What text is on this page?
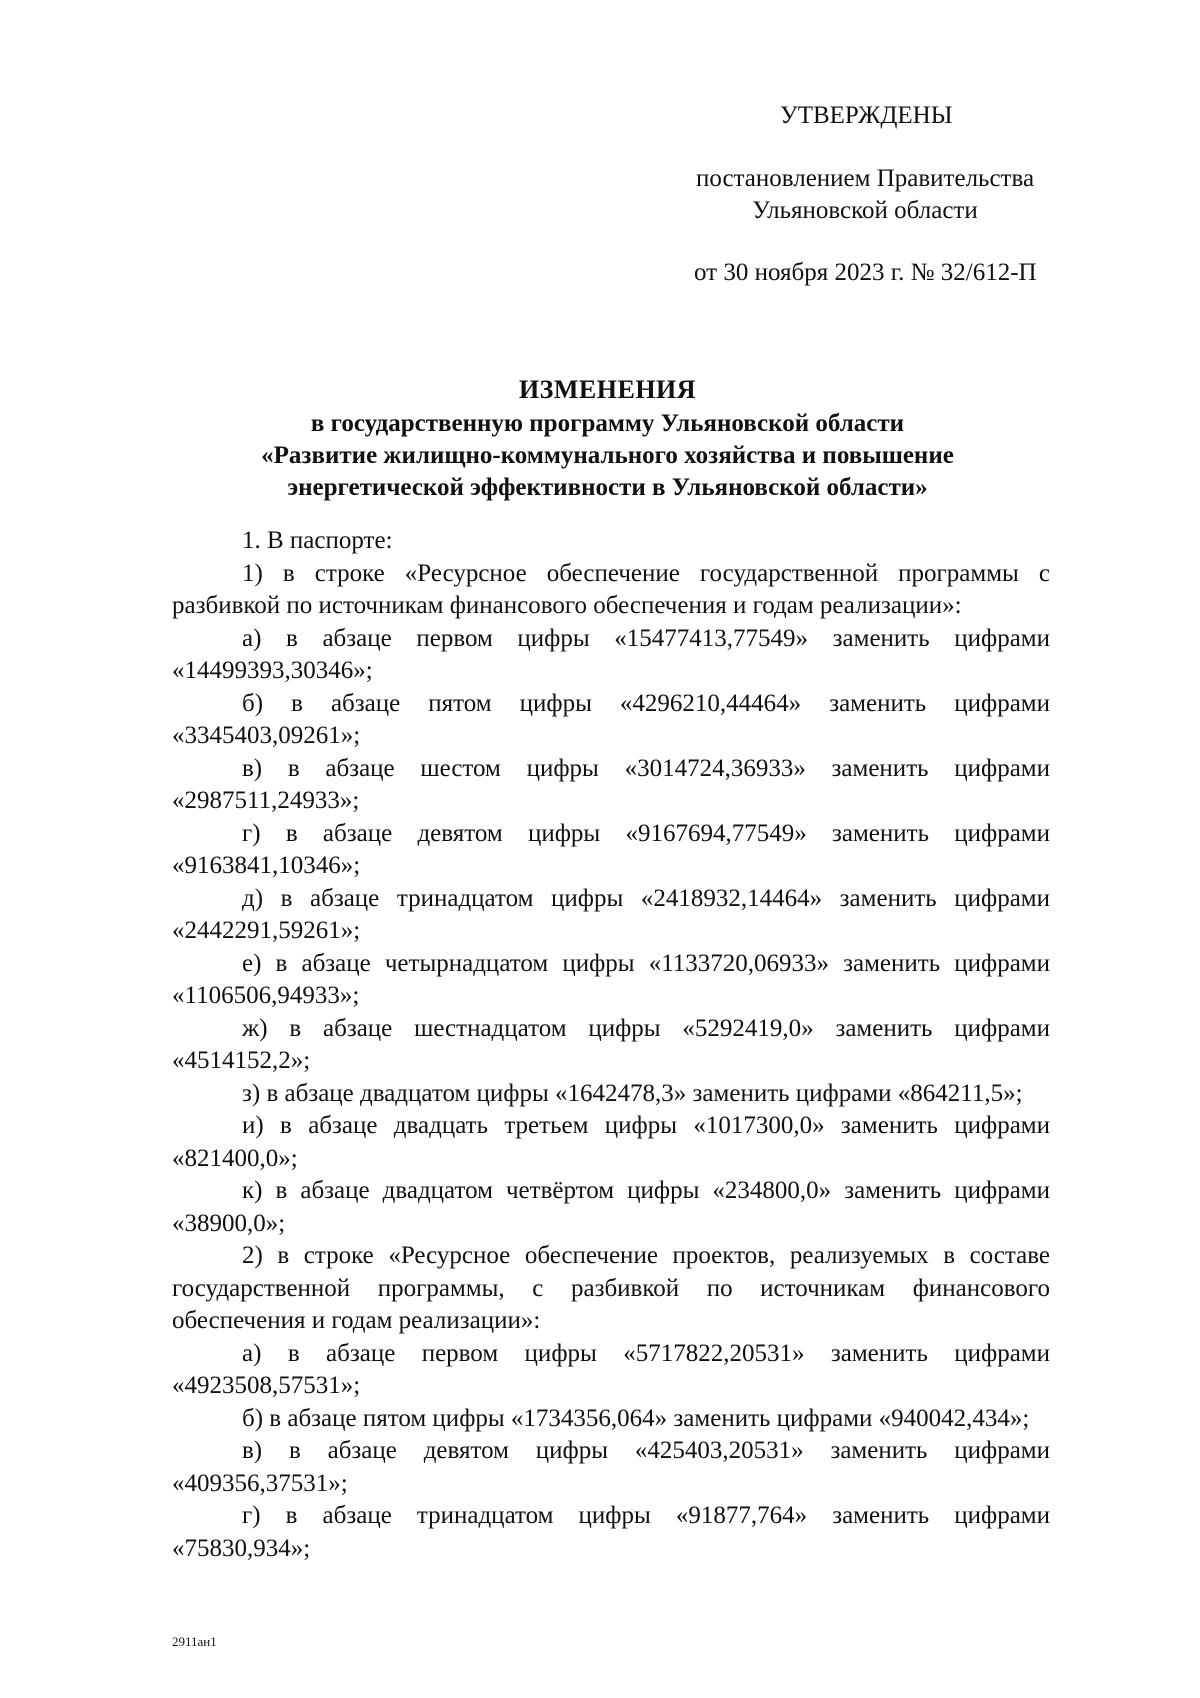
УТВЕРЖДЕНЫ
постановлением Правительства
Ульяновской области
от 30 ноября 2023 г. № 32/612-П
ИЗМЕНЕНИЯ
в государственную программу Ульяновской области
«Развитие жилищно-коммунального хозяйства и повышение
энергетической эффективности в Ульяновской области»

1. В паспорте:

1) в строке «Ресурсное обеспечение государственной программы с разбивкой по источникам финансового обеспечения и годам реализации»:

а) в абзаце первом цифры «15477413,77549» заменить цифрами «14499393,30346»;

б) в абзаце пятом цифры «4296210,44464» заменить цифрами «3345403,09261»;

в) в абзаце шестом цифры «3014724,36933» заменить цифрами «2987511,24933»;

г) в абзаце девятом цифры «9167694,77549» заменить цифрами «9163841,10346»;

д) в абзаце тринадцатом цифры «2418932,14464» заменить цифрами «2442291,59261»;

е) в абзаце четырнадцатом цифры «1133720,06933» заменить цифрами «1106506,94933»;

ж) в абзаце шестнадцатом цифры «5292419,0» заменить цифрами «4514152,2»;

з) в абзаце двадцатом цифры «1642478,3» заменить цифрами «864211,5»;

и) в абзаце двадцать третьем цифры «1017300,0» заменить цифрами «821400,0»;

к) в абзаце двадцатом четвёртом цифры «234800,0» заменить цифрами «38900,0»;

2) в строке «Ресурсное обеспечение проектов, реализуемых в составе государственной программы, с разбивкой по источникам финансового обеспечения и годам реализации»:

а) в абзаце первом цифры «5717822,20531» заменить цифрами «4923508,57531»;

б) в абзаце пятом цифры «1734356,064» заменить цифрами «940042,434»;

в) в абзаце девятом цифры «425403,20531» заменить цифрами «409356,37531»;

г) в абзаце тринадцатом цифры «91877,764» заменить цифрами «75830,934»;

2911ан1
